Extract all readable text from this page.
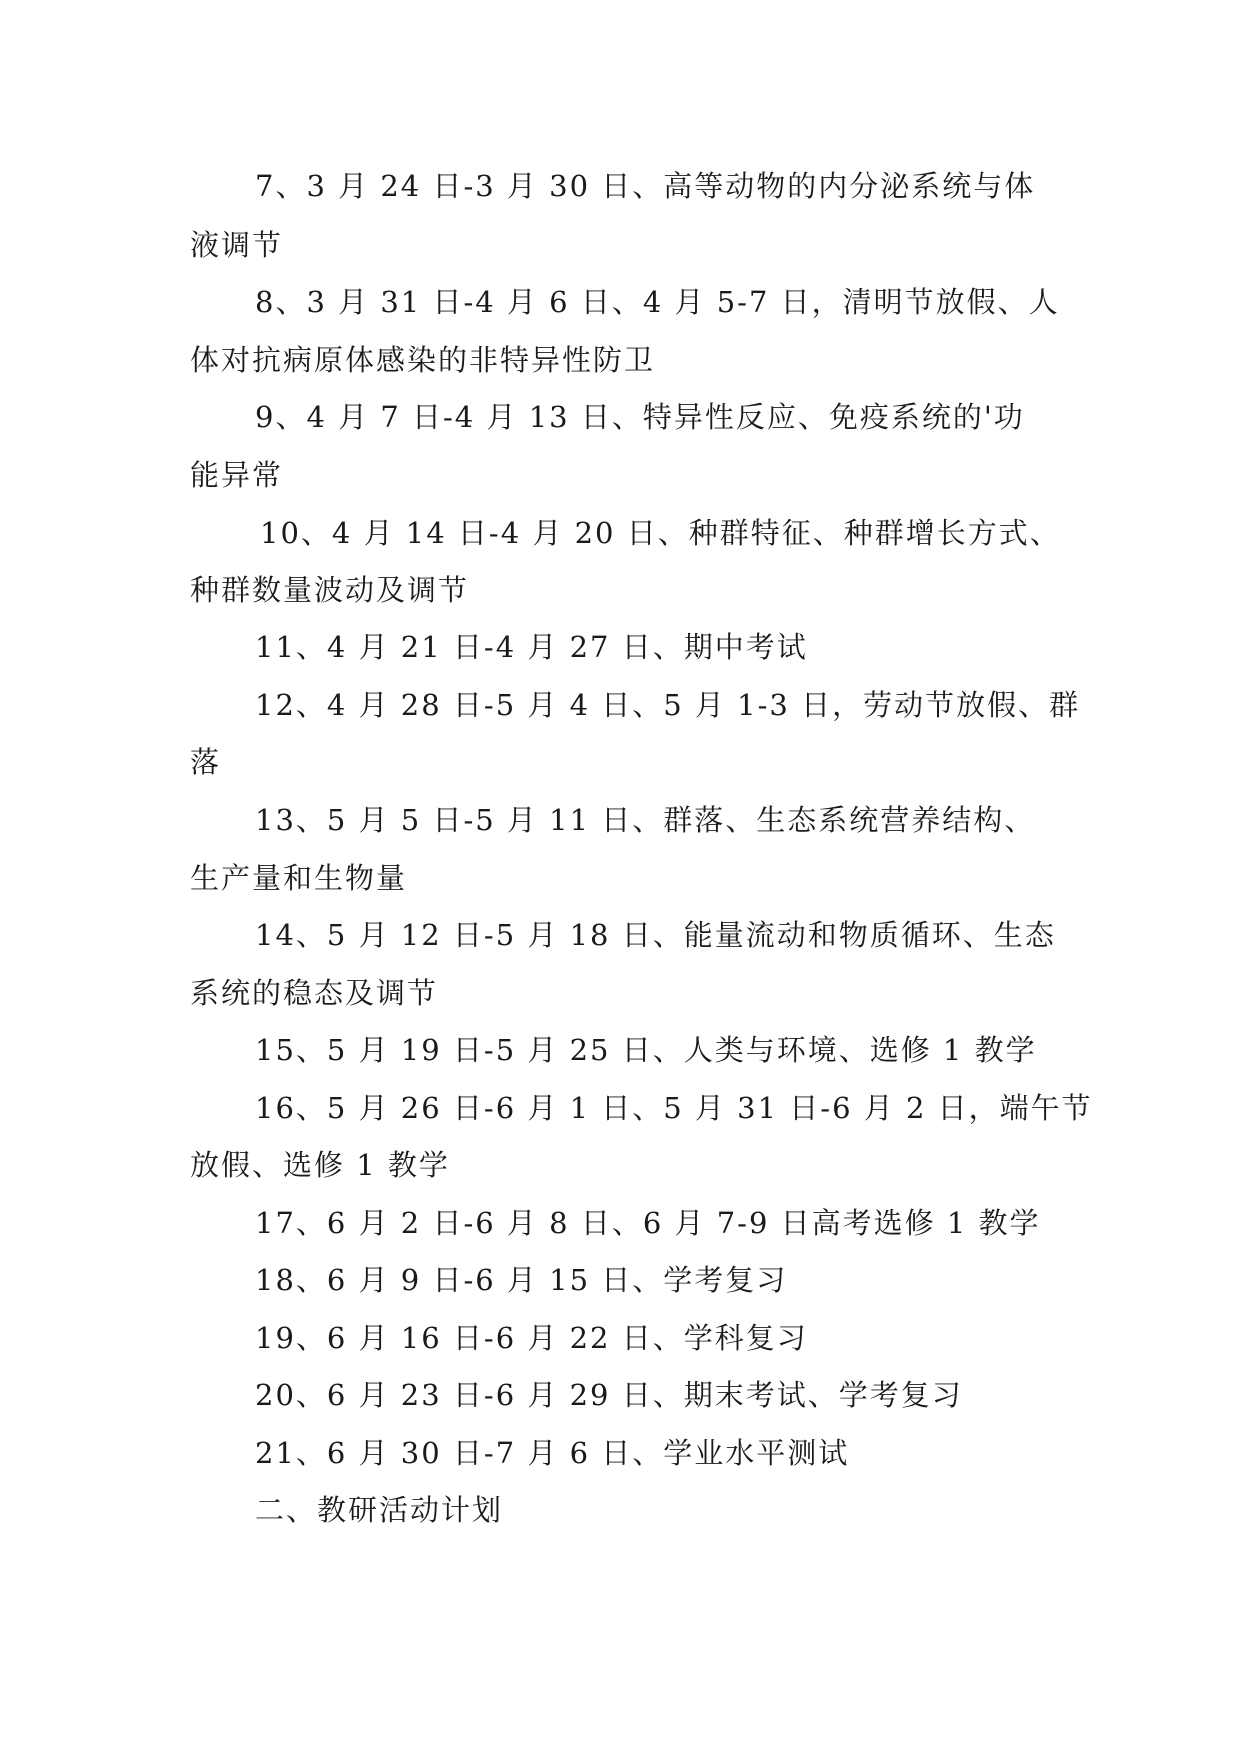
7、3 月 24 日-3 月 30 日、高等动物的内分泌系统与体
液调节
8、3 月 31 日-4 月 6 日、4 月 5-7 日，清明节放假、人
体对抗病原体感染的非特异性防卫
9、4 月 7 日-4 月 13 日、特异性反应、免疫系统的'功
能异常
10、4 月 14 日-4 月 20 日、种群特征、种群增长方式、
种群数量波动及调节
11、4 月 21 日-4 月 27 日、期中考试
12、4 月 28 日-5 月 4 日、5 月 1-3 日，劳动节放假、群
落
13、5 月 5 日-5 月 11 日、群落、生态系统营养结构、
生产量和生物量
14、5 月 12 日-5 月 18 日、能量流动和物质循环、生态
系统的稳态及调节
15、5 月 19 日-5 月 25 日、人类与环境、选修 1 教学
16、5 月 26 日-6 月 1 日、5 月 31 日-6 月 2 日，端午节
放假、选修 1 教学
17、6 月 2 日-6 月 8 日、6 月 7-9 日高考选修 1 教学
18、6 月 9 日-6 月 15 日、学考复习
19、6 月 16 日-6 月 22 日、学科复习
20、6 月 23 日-6 月 29 日、期末考试、学考复习
21、6 月 30 日-7 月 6 日、学业水平测试
二、教研活动计划
